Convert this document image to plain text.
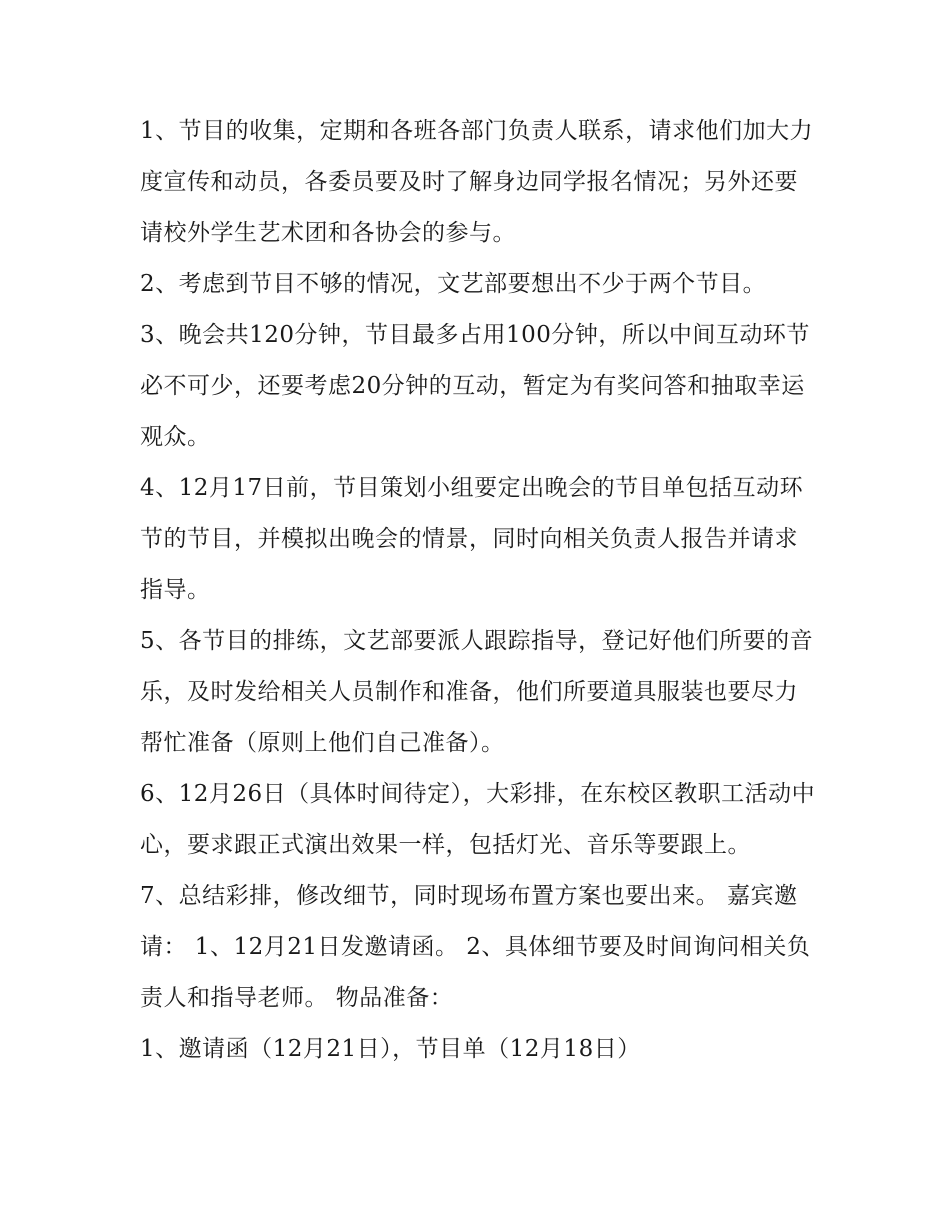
1、节目的收集，定期和各班各部门负责人联系，请求他们加大力度宣传和动员，各委员要及时了解身边同学报名情况；另外还要请校外学生艺术团和各协会的参与。

2、考虑到节目不够的情况，文艺部要想出不少于两个节目。

3、晚会共120分钟，节目最多占用100分钟，所以中间互动环节必不可少，还要考虑20分钟的互动，暂定为有奖问答和抽取幸运观众。

4、12月17日前，节目策划小组要定出晚会的节目单包括互动环节的节目，并模拟出晚会的情景，同时向相关负责人报告并请求指导。

5、各节目的排练，文艺部要派人跟踪指导，登记好他们所要的音乐，及时发给相关人员制作和准备，他们所要道具服装也要尽力帮忙准备（原则上他们自己准备）。

6、12月26日（具体时间待定），大彩排，在东校区教职工活动中心，要求跟正式演出效果一样，包括灯光、音乐等要跟上。

7、总结彩排，修改细节，同时现场布置方案也要出来。 嘉宾邀请： 1、12月21日发邀请函。 2、具体细节要及时间询问相关负责人和指导老师。 物品准备：

1、邀请函（12月21日），节目单（12月18日）
